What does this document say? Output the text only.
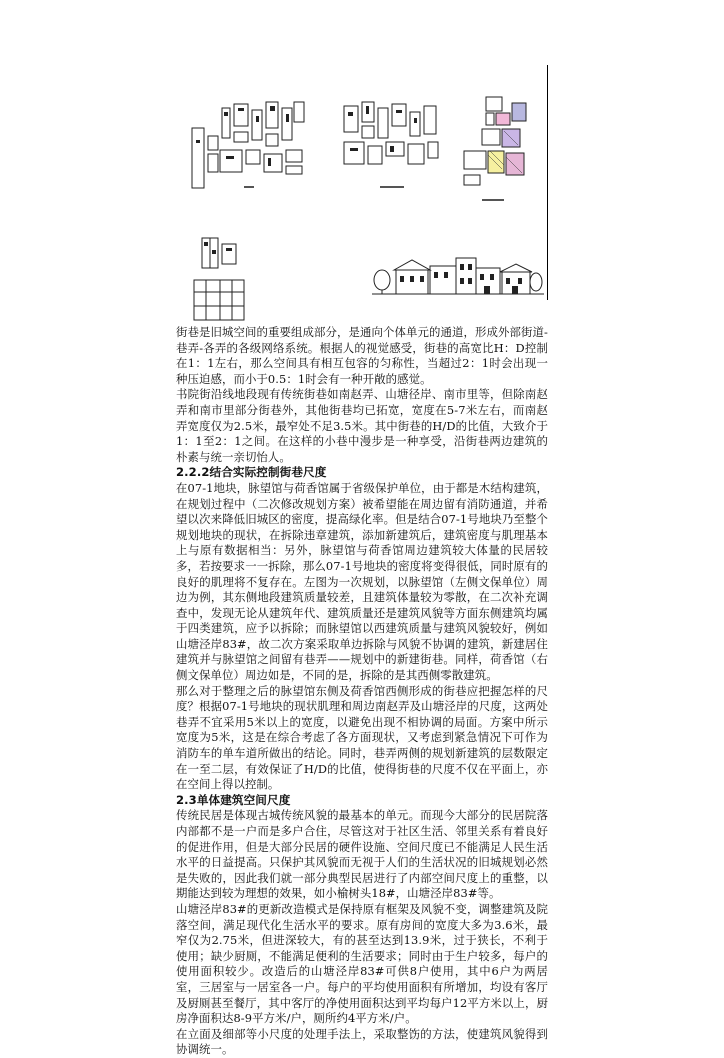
街巷是旧城空间的重要组成部分，是通向个体单元的通道，形成外部街道-巷弄-各弄的各级网络系统。根据人的视觉感受，街巷的高宽比H：D控制在1：1左右，那么空间具有相互包容的匀称性，当超过2：1时会出现一种压迫感，而小于0.5：1时会有一种开敞的感觉。

书院街沿线地段现有传统街巷如南赵弄、山塘径岸、南市里等，但除南赵弄和南市里部分街巷外，其他街巷均已拓宽，宽度在5-7米左右，而南赵弄宽度仅为2.5米，最窄处不足3.5米。其中街巷的H/D的比值，大致介于1：1至2：1之间。在这样的小巷中漫步是一种享受，沿街巷两边建筑的朴素与统一亲切怡人。

2.2.2结合实际控制街巷尺度

在07-1地块，脉望馆与荷香馆属于省级保护单位，由于都是木结构建筑，在规划过程中（二次修改规划方案）被希望能在周边留有消防通道，并希望以次来降低旧城区的密度，提高绿化率。但是结合07-1号地块乃至整个规划地块的现状，在拆除违章建筑，添加新建筑后，建筑密度与肌理基本上与原有数据相当：另外，脉望馆与荷香馆周边建筑较大体量的民居较多，若按要求一一拆除，那么07-1号地块的密度将变得很低，同时原有的良好的肌理将不复存在。左图为一次规划，以脉望馆（左侧文保单位）周边为例，其东侧地段建筑质量较差，且建筑体量较为零散，在二次补充调查中，发现无论从建筑年代、建筑质量还是建筑风貌等方面东侧建筑均属于四类建筑，应予以拆除；而脉望馆以西建筑质量与建筑风貌较好，例如山塘泾岸83#，故二次方案采取单边拆除与风貌不协调的建筑，新建居住建筑并与脉望馆之间留有巷弄——规划中的新建街巷。同样，荷香馆（右侧文保单位）周边如是，不同的是，拆除的是其西侧零散建筑。

那么对于整理之后的脉望馆东侧及荷香馆西侧形成的街巷应把握怎样的尺度？根据07-1号地块的现状肌理和周边南赵弄及山塘泾岸的尺度，这两处巷弄不宜采用5米以上的宽度，以避免出现不相协调的局面。方案中所示宽度为5米，这是在综合考虑了各方面现状，又考虑到紧急情况下可作为消防车的单车道所做出的结论。同时，巷弄两侧的规划新建筑的层数限定在一至二层，有效保证了H/D的比值，使得街巷的尺度不仅在平面上，亦在空间上得以控制。

2.3单体建筑空间尺度

传统民居是体现古城传统风貌的最基本的单元。而现今大部分的民居院落内部都不是一户而是多户合住，尽管这对于社区生活、邻里关系有着良好的促进作用，但是大部分民居的硬件设施、空间尺度已不能满足人民生活水平的日益提高。只保护其风貌而无视于人们的生活状况的旧城规划必然是失败的，因此我们就一部分典型民居进行了内部空间尺度上的重整，以期能达到较为理想的效果，如小榆树头18#，山塘泾岸83#等。

山塘泾岸83#的更新改造模式是保持原有框架及风貌不变，调整建筑及院落空间，满足现代化生活水平的要求。原有房间的宽度大多为3.6米，最窄仅为2.75米，但进深较大，有的甚至达到13.9米，过于狭长，不利于使用；缺少厨厕，不能满足便利的生活要求；同时由于生户较多，每户的使用面积较少。改造后的山塘泾岸83#可供8户使用，其中6户为两居室，三居室与一居室各一户。每户的平均使用面积有所增加，均设有客厅及厨厕甚至餐厅，其中客厅的净使用面积达到平均每户12平方米以上，厨房净面积达8-9平方米/户，厕所约4平方米/户。

在立面及细部等小尺度的处理手法上，采取整饬的方法，使建筑风貌得到协调统一。
